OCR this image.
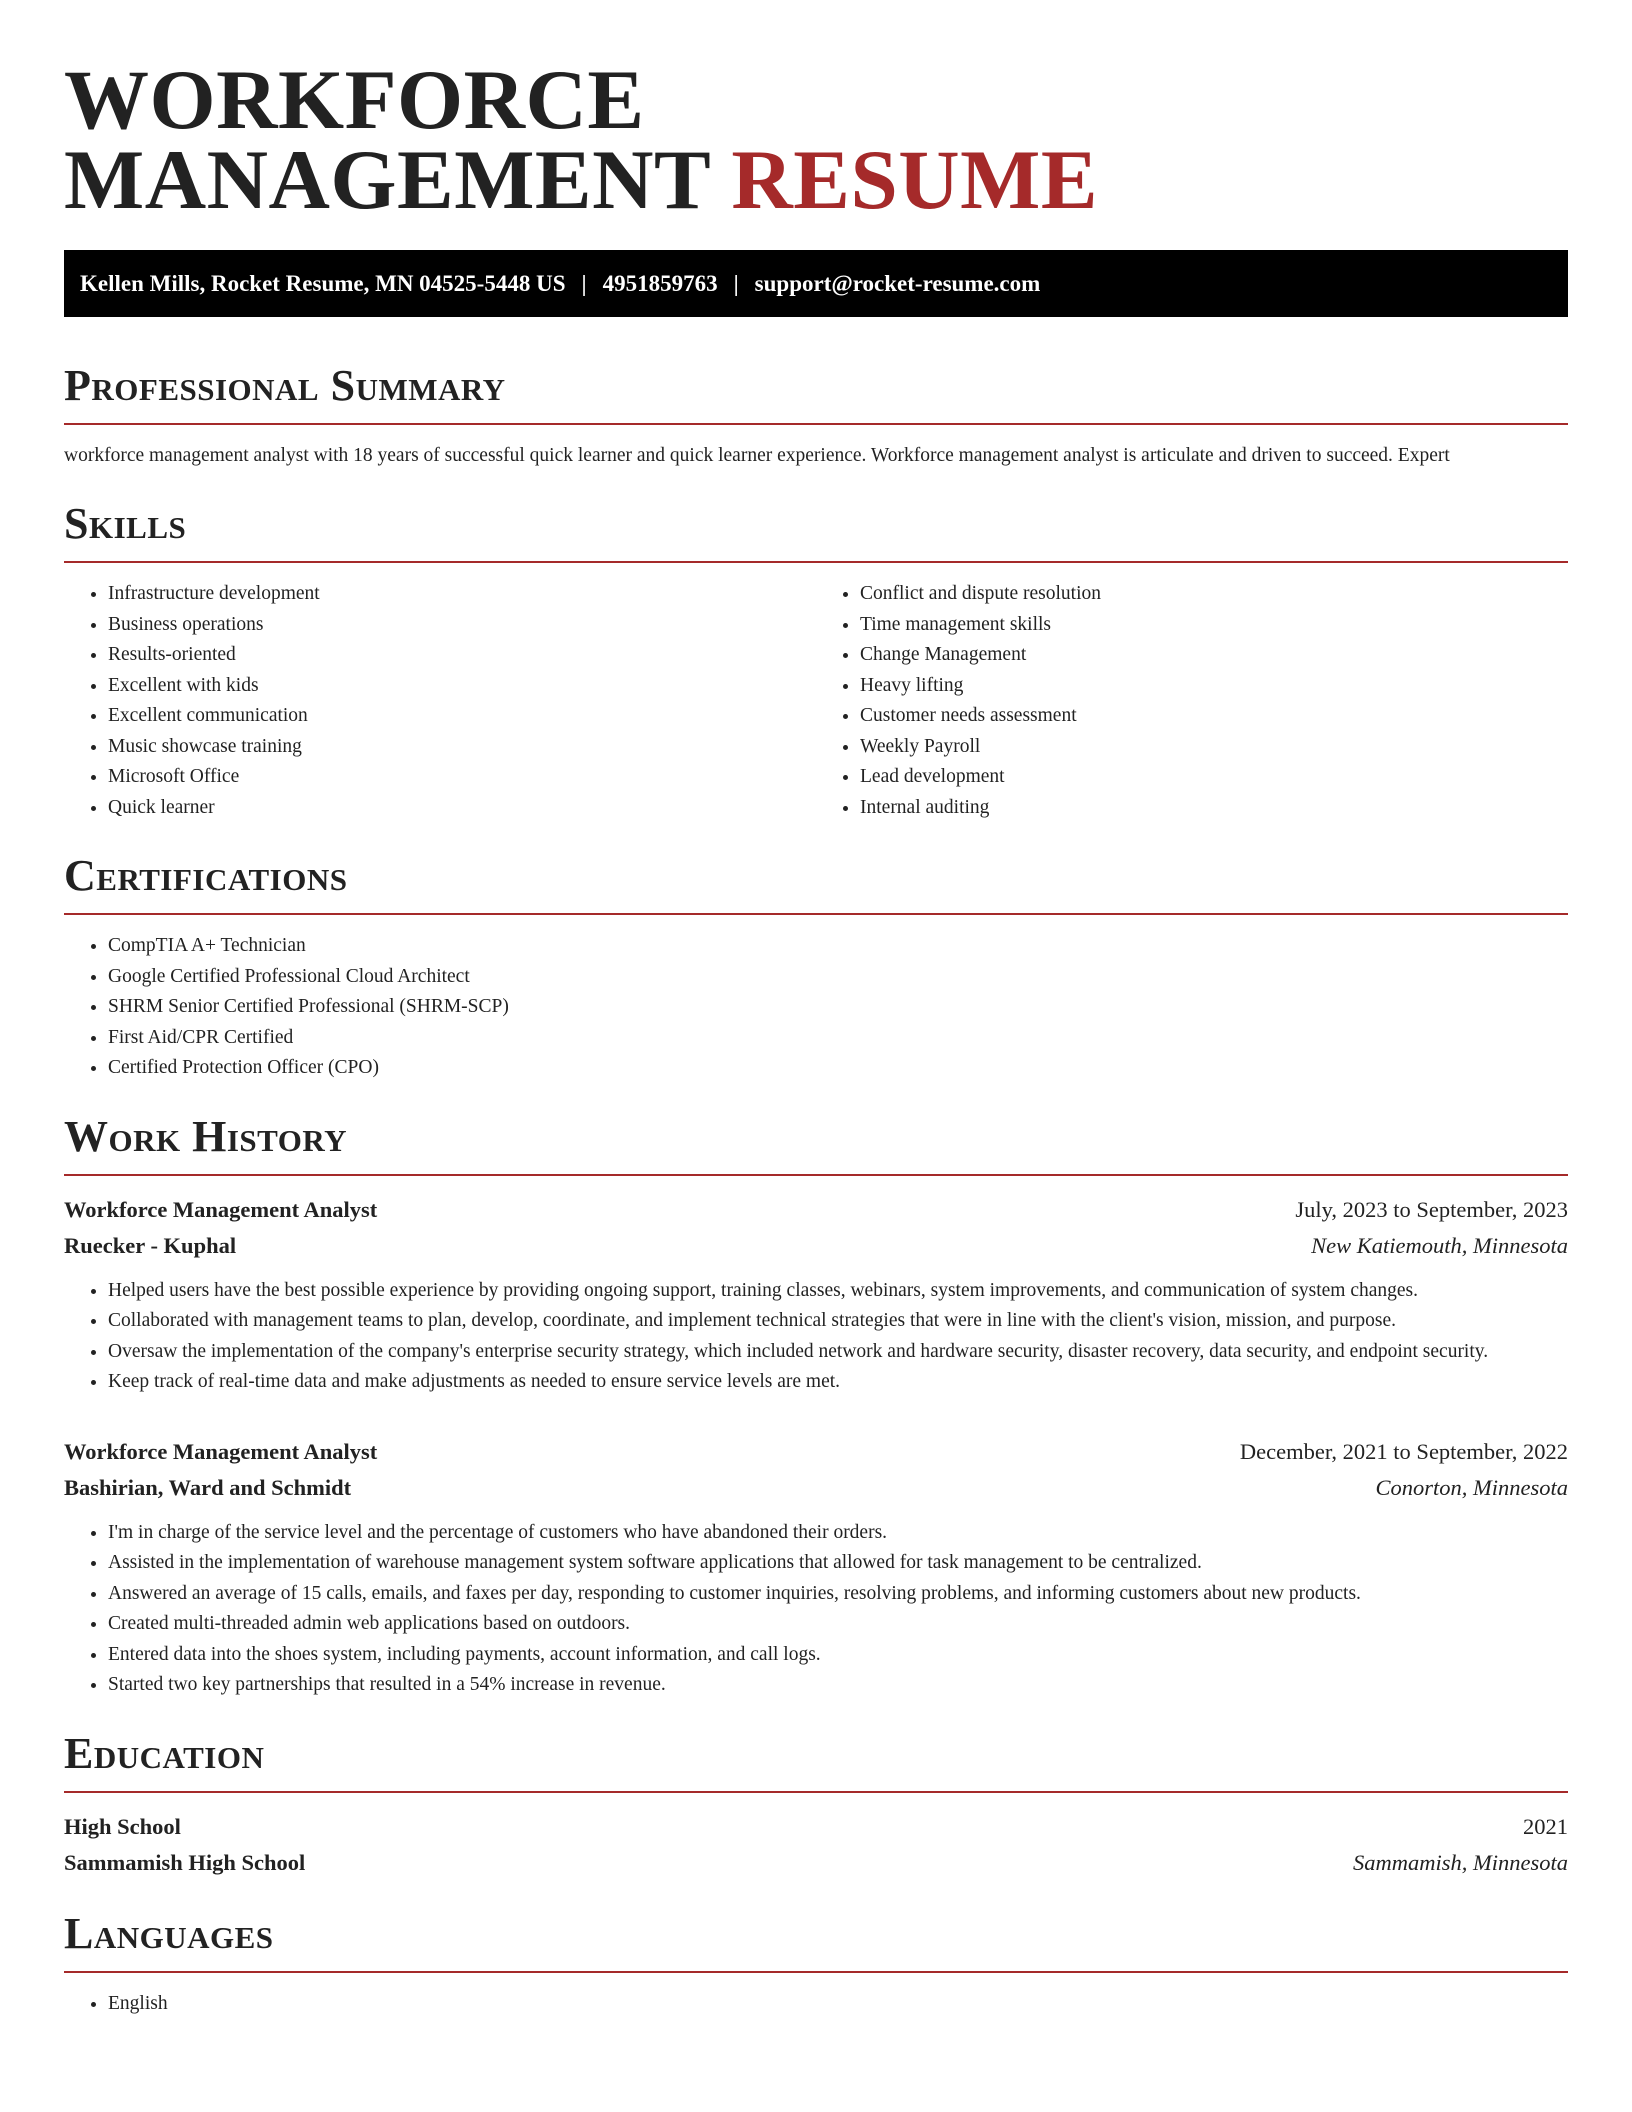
WORKFORCE
MANAGEMENT RESUME
Kellen Mills, Rocket Resume, MN 04525-5448 US | 4951859763 | support@rocket-resume.com
Professional Summary

workforce management analyst with 18 years of successful quick learner and quick learner experience. Workforce management analyst is articulate and driven to succeed. Expert

Skills
• Infrastructure development
• Business operations
• Results-oriented
• Excellent with kids
• Excellent communication
• Music showcase training
• Microsoft Office
• Quick learner
• Conflict and dispute resolution
• Time management skills
• Change Management
• Heavy lifting
• Customer needs assessment
• Weekly Payroll
• Lead development
• Internal auditing
Certifications
• CompTIA A+ Technician
• Google Certified Professional Cloud Architect
• SHRM Senior Certified Professional (SHRM-SCP)
• First Aid/CPR Certified
• Certified Protection Officer (CPO)
Work History
Workforce Management Analyst	July, 2023 to September, 2023
Ruecker - Kuphal	New Katiemouth, Minnesota
• Helped users have the best possible experience by providing ongoing support, training classes, webinars, system improvements, and communication of system changes.
• Collaborated with management teams to plan, develop, coordinate, and implement technical strategies that were in line with the client's vision, mission, and purpose.
• Oversaw the implementation of the company's enterprise security strategy, which included network and hardware security, disaster recovery, data security, and endpoint security.
• Keep track of real-time data and make adjustments as needed to ensure service levels are met.
Workforce Management Analyst	December, 2021 to September, 2022
Bashirian, Ward and Schmidt	Conorton, Minnesota
• I'm in charge of the service level and the percentage of customers who have abandoned their orders.
• Assisted in the implementation of warehouse management system software applications that allowed for task management to be centralized.
• Answered an average of 15 calls, emails, and faxes per day, responding to customer inquiries, resolving problems, and informing customers about new products.
• Created multi-threaded admin web applications based on outdoors.
• Entered data into the shoes system, including payments, account information, and call logs.
• Started two key partnerships that resulted in a 54% increase in revenue.
Education
High School	2021
Sammamish High School	Sammamish, Minnesota
Languages
• English
